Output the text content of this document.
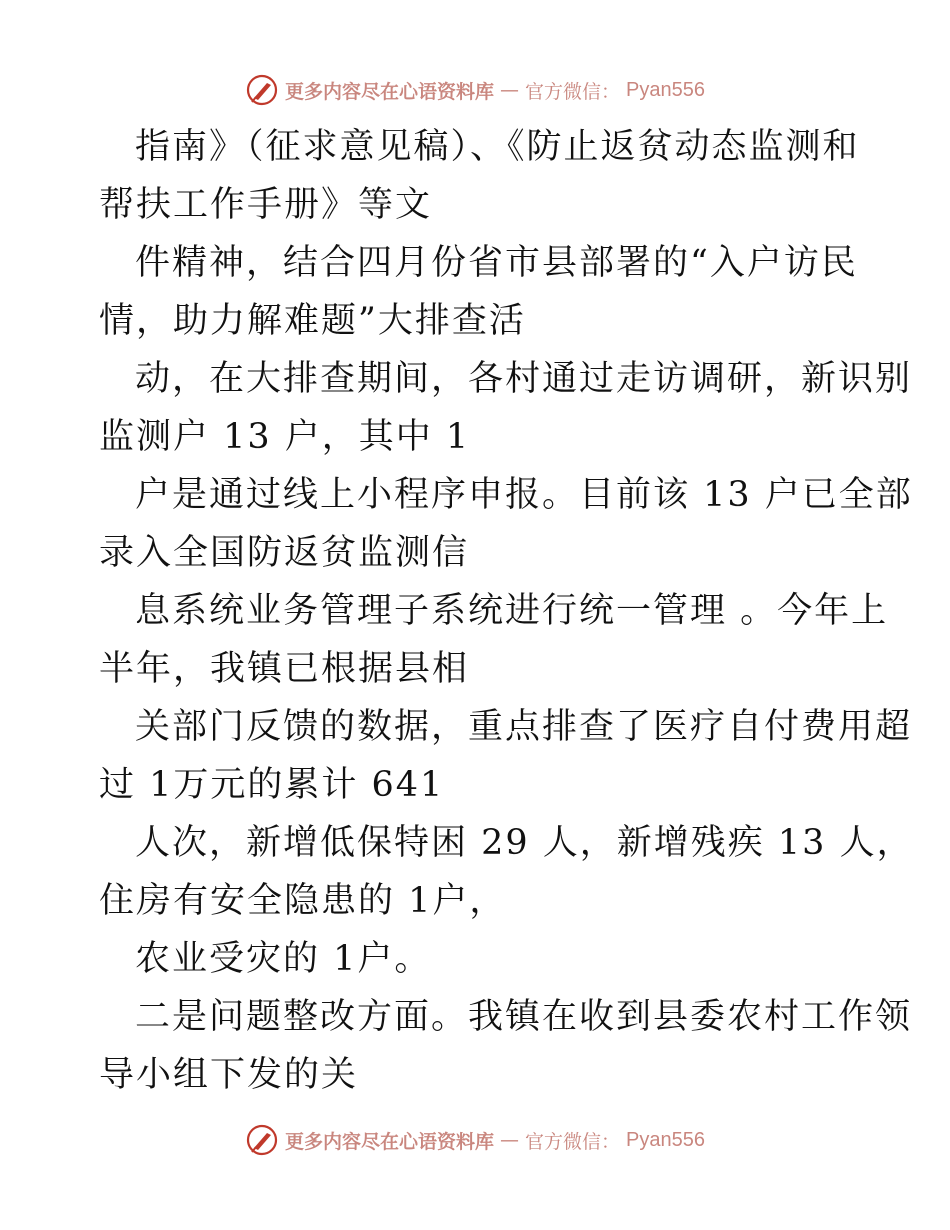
更多内容尽在心语资料库 — 官方微信： Pyan556
指南》（征求意见稿）、《防止返贫动态监测和
帮扶工作手册》等文
件精神，结合四月份省市县部署的“入户访民
情，助力解难题”大排查活
动，在大排查期间，各村通过走访调研，新识别
监测户 13 户，其中 1
户是通过线上小程序申报。目前该 13 户已全部
录入全国防返贫监测信
息系统业务管理子系统进行统一管理 。今年上
半年，我镇已根据县相
关部门反馈的数据，重点排查了医疗自付费用超
过 1万元的累计 641
人次，新增低保特困 29 人，新增残疾 13 人，
住房有安全隐患的 1户，
农业受灾的 1户。
二是问题整改方面。我镇在收到县委农村工作领
导小组下发的关
更多内容尽在心语资料库 — 官方微信： Pyan556
